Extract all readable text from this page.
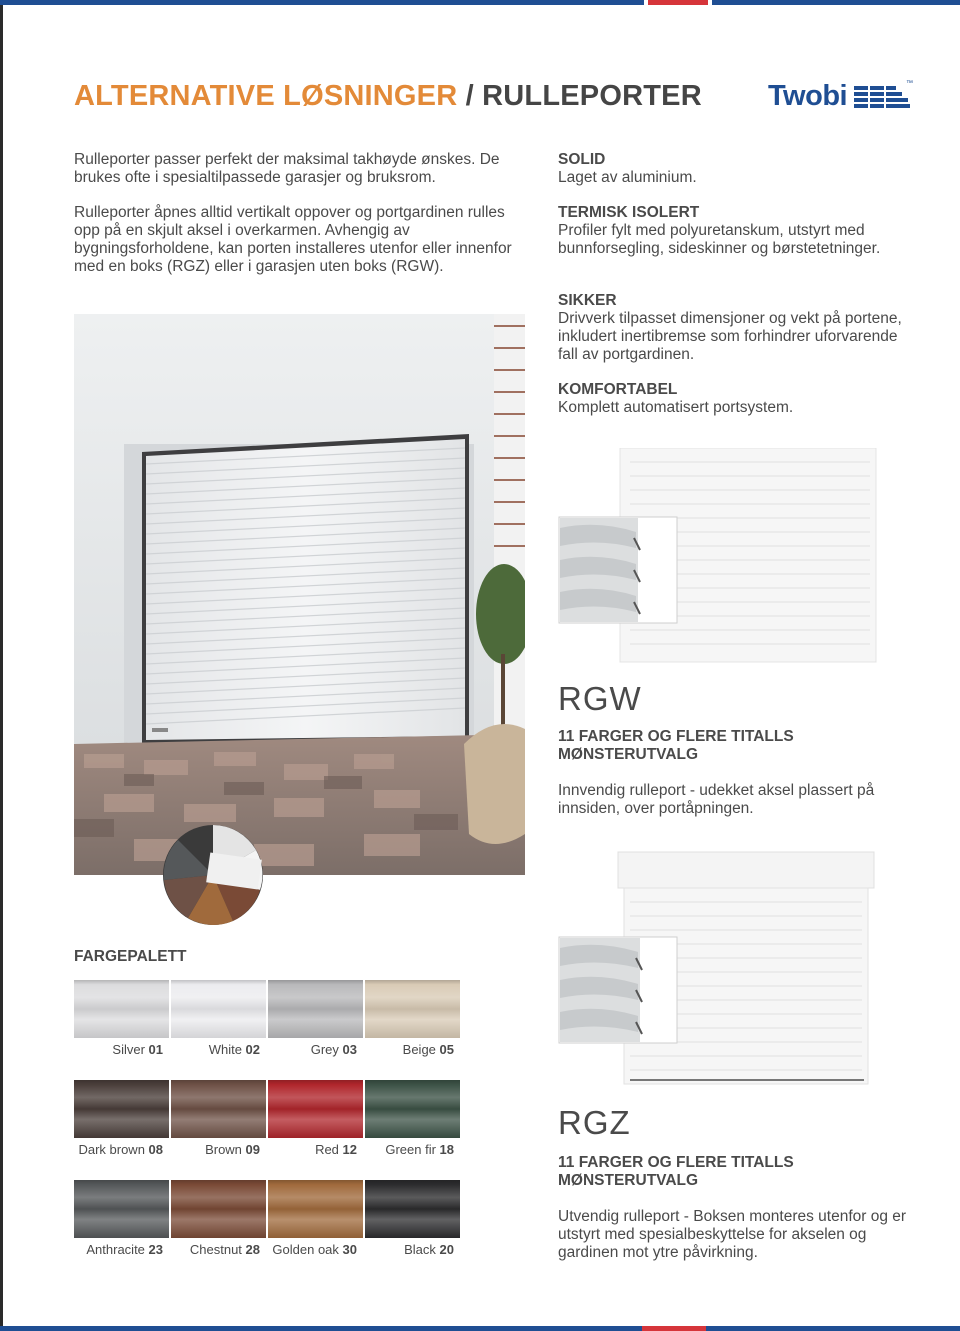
ALTERNATIVE LØSNINGER / RULLEPORTER Twobi	™

Rulleporter passer perfekt der maksimal takhøyde ønskes. De brukes ofte i spesialtilpassede garasjer og bruksrom.

Rulleporter åpnes alltid vertikalt oppover og portgardinen rulles opp på en skjult aksel i overkarmen. Avhengig av bygningsforholdene, kan porten installeres utenfor eller innenfor med en boks (RGZ) eller i garasjen uten boks (RGW).

SOLID

Laget av aluminium.

TERMISK ISOLERT

Profiler fylt med polyuretanskum, utstyrt med bunnforsegling, sideskinner og børstetetninger.

SIKKER

Drivverk tilpasset dimensjoner og vekt på portene, inkludert inertibremse som forhindrer uforvarende fall av portgardinen.

KOMFORTABEL

Komplett automatisert portsystem.

FARGEPALETT
Silver 01	White 02	Grey 03	Beige 05
Dark brown 08	Brown 09	Red 12	Green fir 18
Anthracite 23	Chestnut 28 Golden oak 30	Black 20
RGW
11 FARGER OG FLERE TITALLS MØNSTERUTVALG

Innvendig rulleport - udekket aksel plassert på innsiden, over portåpningen.

RGZ
11 FARGER OG FLERE TITALLS MØNSTERUTVALG

Utvendig rulleport - Boksen monteres utenfor og er utstyrt med spesialbeskyttelse for akselen og gardinen mot ytre påvirkning.
